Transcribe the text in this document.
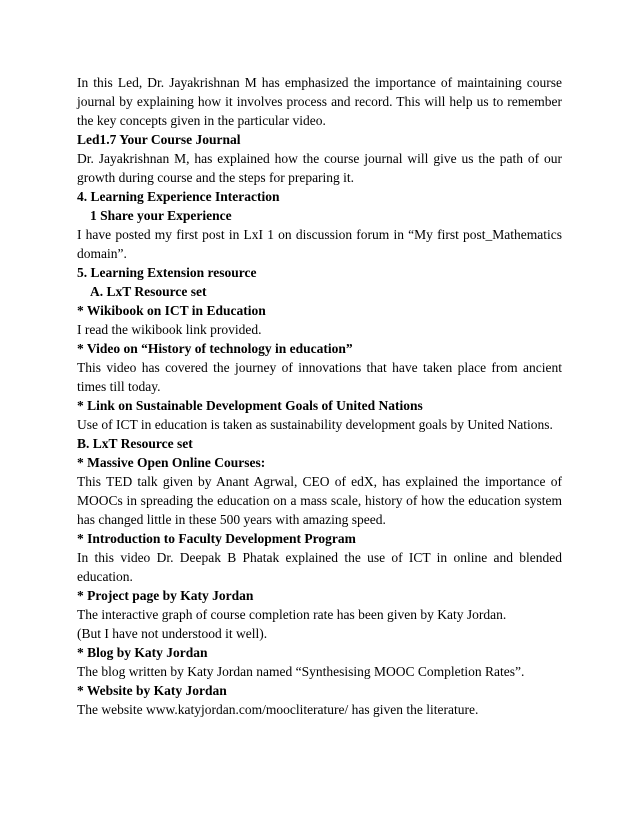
In this Led, Dr. Jayakrishnan M has emphasized the importance of maintaining course journal by explaining how it involves process and record. This will help us to remember the key concepts given in the particular video.

Led1.7 Your Course Journal

Dr. Jayakrishnan M, has explained how the course journal will give us the path of our growth during course and the steps for preparing it.

4. Learning Experience Interaction

1 Share your Experience

I have posted my first post in LxI 1 on discussion forum in “My first post_Mathematics domain”.

5. Learning Extension resource

A. LxT Resource set

* Wikibook on ICT in Education

I read the wikibook link provided.

* Video on “History of technology in education”

This video has covered the journey of innovations that have taken place from ancient times till today.

* Link on Sustainable Development Goals of United Nations

Use of ICT in education is taken as sustainability development goals by United Nations.

B. LxT Resource set

* Massive Open Online Courses:

This TED talk given by Anant Agrwal, CEO of edX, has explained the importance of MOOCs in spreading the education on a mass scale, history of how the education system has changed little in these 500 years with amazing speed.

* Introduction to Faculty Development Program

In this video Dr. Deepak B Phatak explained the use of ICT in online and blended education.

* Project page by Katy Jordan

The interactive graph of course completion rate has been given by Katy Jordan.

(But I have not understood it well).

* Blog by Katy Jordan

The blog written by Katy Jordan named “Synthesising MOOC Completion Rates”.

* Website by Katy Jordan

The website www.katyjordan.com/moocliterature/ has given the literature.
